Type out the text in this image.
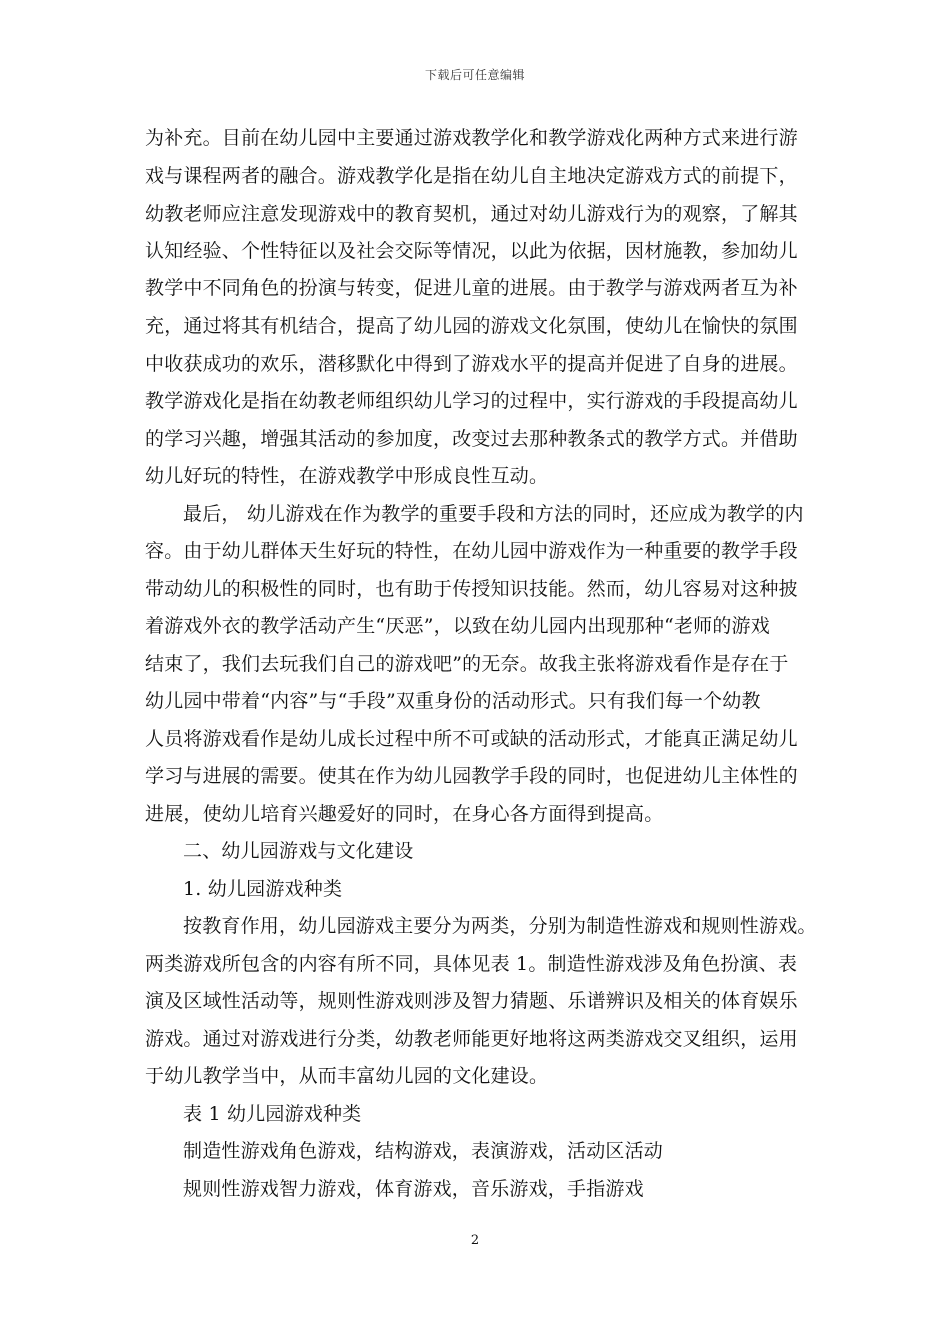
下载后可任意编辑
为补充。目前在幼儿园中主要通过游戏教学化和教学游戏化两种方式来进行游
戏与课程两者的融合。游戏教学化是指在幼儿自主地决定游戏方式的前提下，
幼教老师应注意发现游戏中的教育契机，通过对幼儿游戏行为的观察，了解其
认知经验、个性特征以及社会交际等情况，以此为依据，因材施教，参加幼儿
教学中不同角色的扮演与转变，促进儿童的进展。由于教学与游戏两者互为补
充，通过将其有机结合，提高了幼儿园的游戏文化氛围，使幼儿在愉快的氛围
中收获成功的欢乐，潜移默化中得到了游戏水平的提高并促进了自身的进展。
教学游戏化是指在幼教老师组织幼儿学习的过程中，实行游戏的手段提高幼儿
的学习兴趣，增强其活动的参加度，改变过去那种教条式的教学方式。并借助
幼儿好玩的特性，在游戏教学中形成良性互动。
最后， 幼儿游戏在作为教学的重要手段和方法的同时，还应成为教学的内
容。由于幼儿群体天生好玩的特性，在幼儿园中游戏作为一种重要的教学手段
带动幼儿的积极性的同时，也有助于传授知识技能。然而，幼儿容易对这种披
着游戏外衣的教学活动产生“厌恶”，以致在幼儿园内出现那种“老师的游戏
结束了，我们去玩我们自己的游戏吧”的无奈。故我主张将游戏看作是存在于
幼儿园中带着“内容”与“手段”双重身份的活动形式。只有我们每一个幼教
人员将游戏看作是幼儿成长过程中所不可或缺的活动形式，才能真正满足幼儿
学习与进展的需要。使其在作为幼儿园教学手段的同时，也促进幼儿主体性的
进展，使幼儿培育兴趣爱好的同时，在身心各方面得到提高。
二、幼儿园游戏与文化建设
1. 幼儿园游戏种类
按教育作用，幼儿园游戏主要分为两类，分别为制造性游戏和规则性游戏。
两类游戏所包含的内容有所不同，具体见表 1。制造性游戏涉及角色扮演、表
演及区域性活动等，规则性游戏则涉及智力猜题、乐谱辨识及相关的体育娱乐
游戏。通过对游戏进行分类，幼教老师能更好地将这两类游戏交叉组织，运用
于幼儿教学当中，从而丰富幼儿园的文化建设。
表 1 幼儿园游戏种类
制造性游戏角色游戏，结构游戏，表演游戏，活动区活动
规则性游戏智力游戏，体育游戏，音乐游戏，手指游戏
2
